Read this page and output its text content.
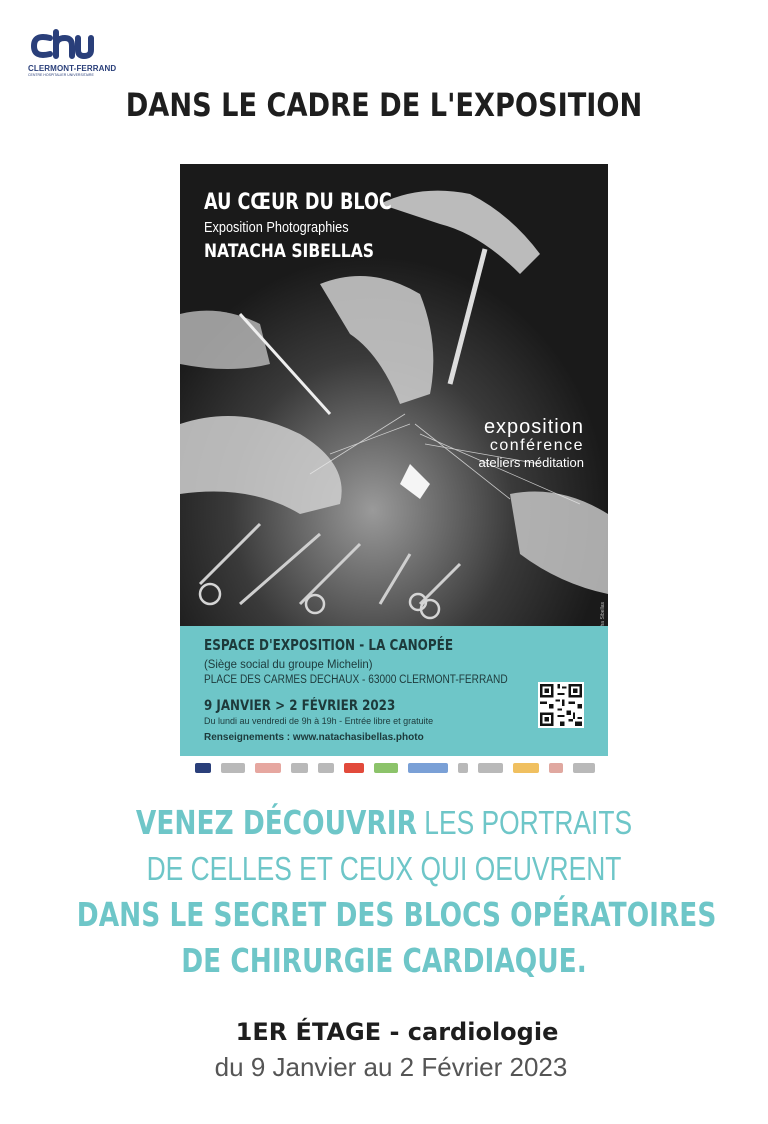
CLERMONT-FERRAND
CENTRE HOSPITALIER UNIVERSITAIRE
DANS LE CADRE DE L'EXPOSITION
AU CŒUR DU BLOC
Exposition Photographies
NATACHA SIBELLAS
exposition
conférence
ateliers méditation
ESPACE D'EXPOSITION - LA CANOPÉE
(Siège social du groupe Michelin)
PLACE DES CARMES DECHAUX - 63000 CLERMONT-FERRAND
9 JANVIER > 2 FÉVRIER 2023
Du lundi au vendredi de 9h à 19h - Entrée libre et gratuite
Renseignements : www.natachasibellas.photo
VENEZ DÉCOUVRIR LES PORTRAITS
DE CELLES ET CEUX QUI OEUVRENT
DANS LE SECRET DES BLOCS OPÉRATOIRES
DE CHIRURGIE CARDIAQUE.
1ER ÉTAGE - cardiologie
du 9 Janvier au 2 Février 2023
